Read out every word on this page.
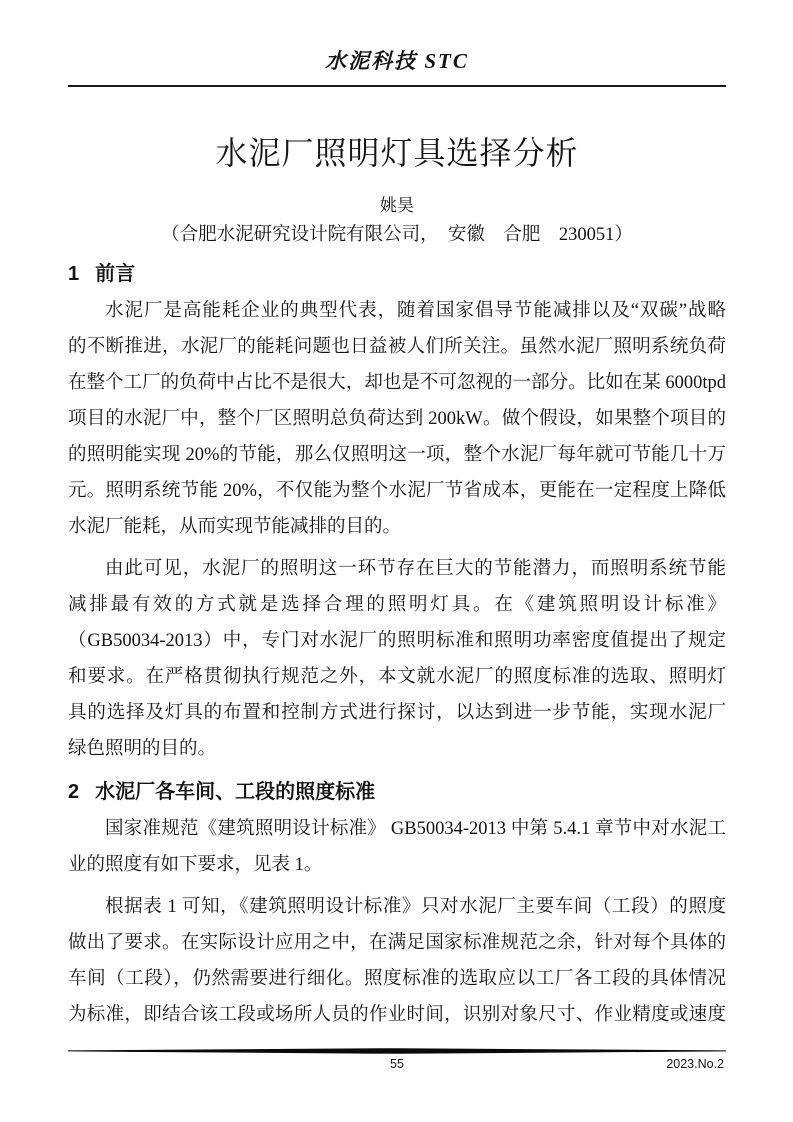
水泥科技 STC
水泥厂照明灯具选择分析
姚昊
（合肥水泥研究设计院有限公司，　安徽　合肥　230051）
1 前言
水泥厂是高能耗企业的典型代表，随着国家倡导节能减排以及“双碳”战略
的不断推进，水泥厂的能耗问题也日益被人们所关注。虽然水泥厂照明系统负荷
在整个工厂的负荷中占比不是很大，却也是不可忽视的一部分。比如在某 6000tpd
项目的水泥厂中，整个厂区照明总负荷达到 200kW。做个假设，如果整个项目的
的照明能实现 20%的节能，那么仅照明这一项，整个水泥厂每年就可节能几十万
元。照明系统节能 20%，不仅能为整个水泥厂节省成本，更能在一定程度上降低
水泥厂能耗，从而实现节能减排的目的。
由此可见，水泥厂的照明这一环节存在巨大的节能潜力，而照明系统节能
减排最有效的方式就是选择合理的照明灯具。在《建筑照明设计标准》
（GB50034-2013）中，专门对水泥厂的照明标准和照明功率密度值提出了规定
和要求。在严格贯彻执行规范之外，本文就水泥厂的照度标准的选取、照明灯
具的选择及灯具的布置和控制方式进行探讨，以达到进一步节能，实现水泥厂
绿色照明的目的。
2 水泥厂各车间、工段的照度标准
国家准规范《建筑照明设计标准》 GB50034-2013 中第 5.4.1 章节中对水泥工
业的照度有如下要求，见表 1。
根据表 1 可知，《建筑照明设计标准》只对水泥厂主要车间（工段）的照度
做出了要求。在实际设计应用之中，在满足国家标准规范之余，针对每个具体的
车间（工段），仍然需要进行细化。照度标准的选取应以工厂各工段的具体情况
为标准，即结合该工段或场所人员的作业时间，识别对象尺寸、作业精度或速度
55	2023.No.2
